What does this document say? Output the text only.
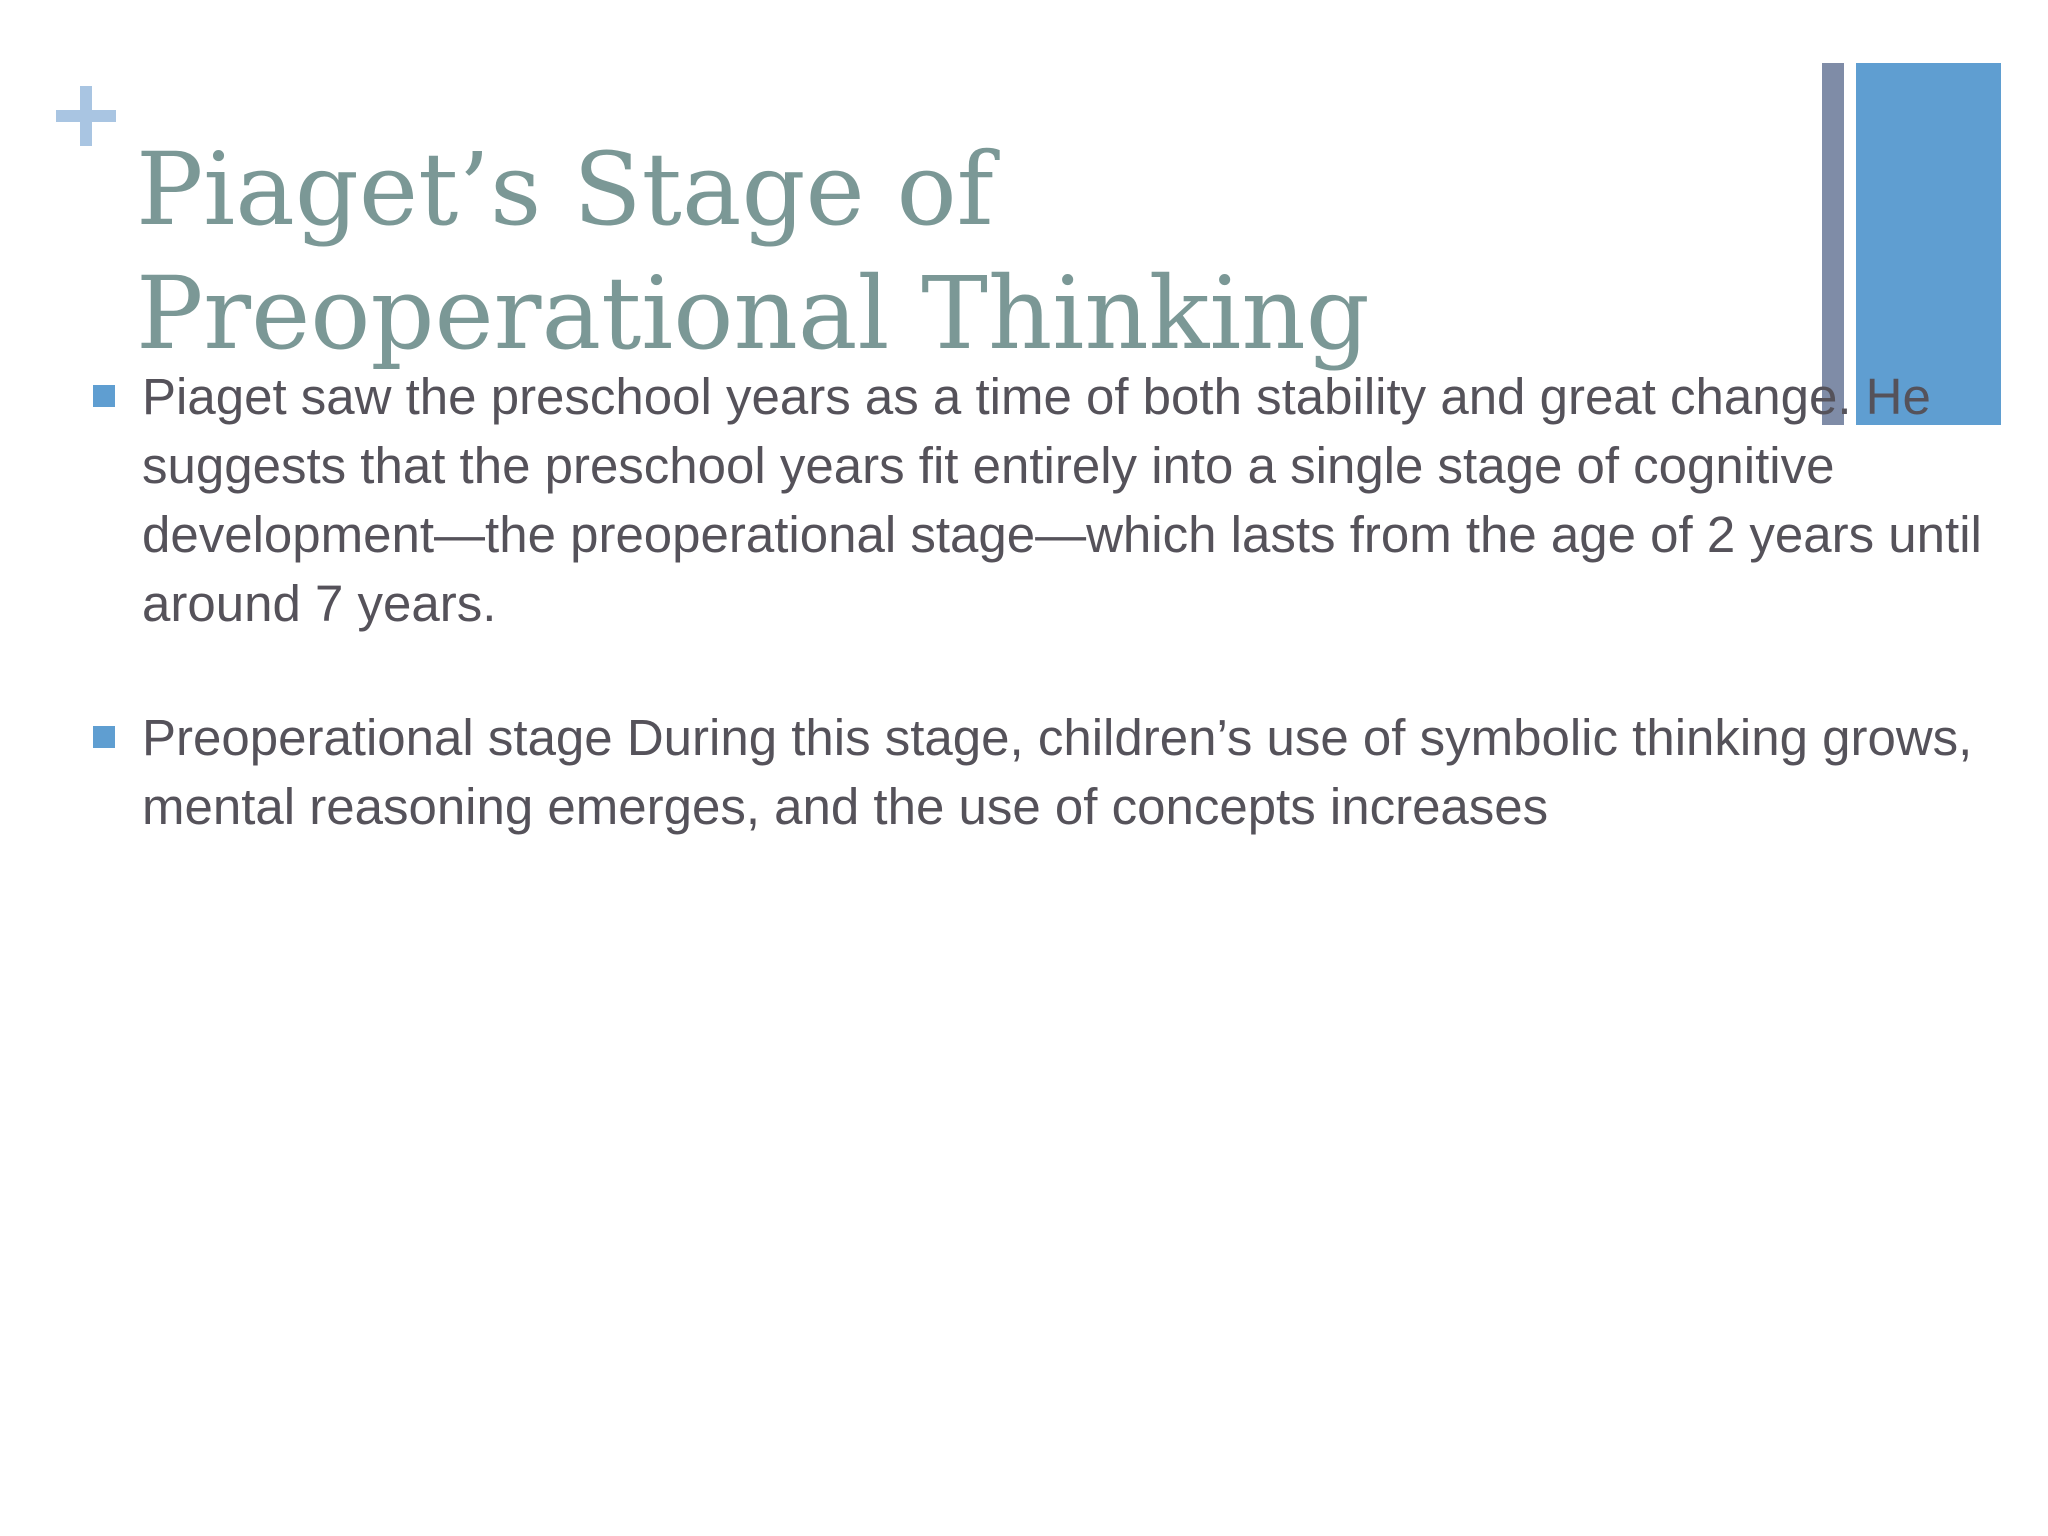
Piaget’s Stage of Preoperational Thinking
Piaget saw the preschool years as a time of both stability and great change. He suggests that the preschool years fit entirely into a single stage of cognitive development—the preoperational stage—which lasts from the age of 2 years until around 7 years.
Preoperational stage During this stage, children’s use of symbolic thinking grows, mental reasoning emerges, and the use of concepts increases
